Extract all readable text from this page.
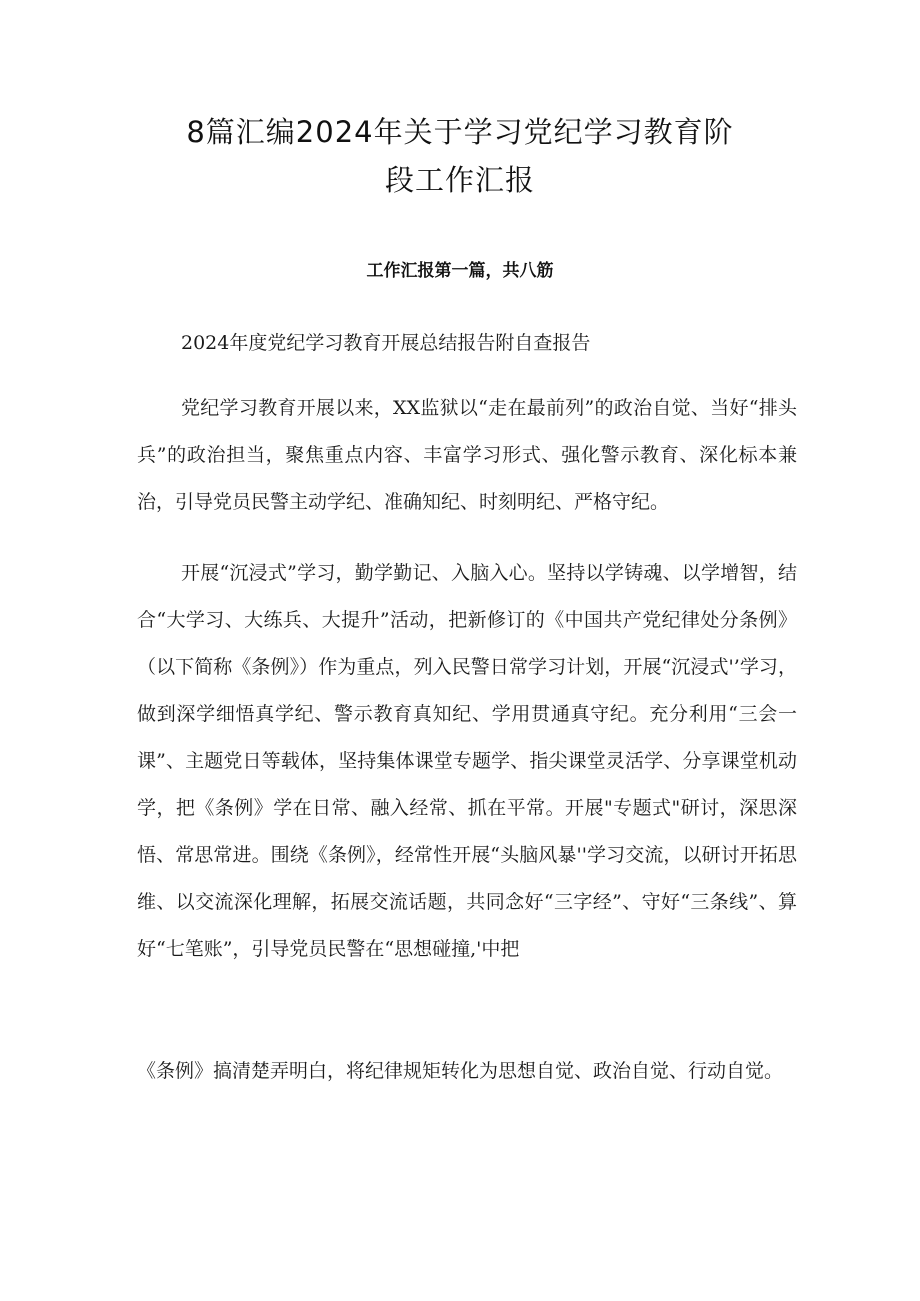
8篇汇编2024年关于学习党纪学习教育阶
段工作汇报
工作汇报第一篇，共八筋

2024年度党纪学习教育开展总结报告附自查报告

党纪学习教育开展以来，XX监狱以“走在最前列”的政治自觉、当好“排头兵”的政治担当，聚焦重点内容、丰富学习形式、强化警示教育、深化标本兼治，引导党员民警主动学纪、准确知纪、时刻明纪、严格守纪。

开展“沉浸式”学习，勤学勤记、入脑入心。坚持以学铸魂、以学增智，结合“大学习、大练兵、大提升”活动，把新修订的《中国共产党纪律处分条例》（以下简称《条例》）作为重点，列入民警日常学习计划，开展“沉浸式'’学习，做到深学细悟真学纪、警示教育真知纪、学用贯通真守纪。充分利用“三会一课”、主题党日等载体，坚持集体课堂专题学、指尖课堂灵活学、分享课堂机动学，把《条例》学在日常、融入经常、抓在平常。开展"专题式"研讨，深思深悟、常思常进。围绕《条例》，经常性开展“头脑风暴''学习交流，以研讨开拓思维、以交流深化理解，拓展交流话题，共同念好“三字经”、守好“三条线”、算好“七笔账”，引导党员民警在“思想碰撞,'中把

《条例》搞清楚弄明白，将纪律规矩转化为思想自觉、政治自觉、行动自觉。
